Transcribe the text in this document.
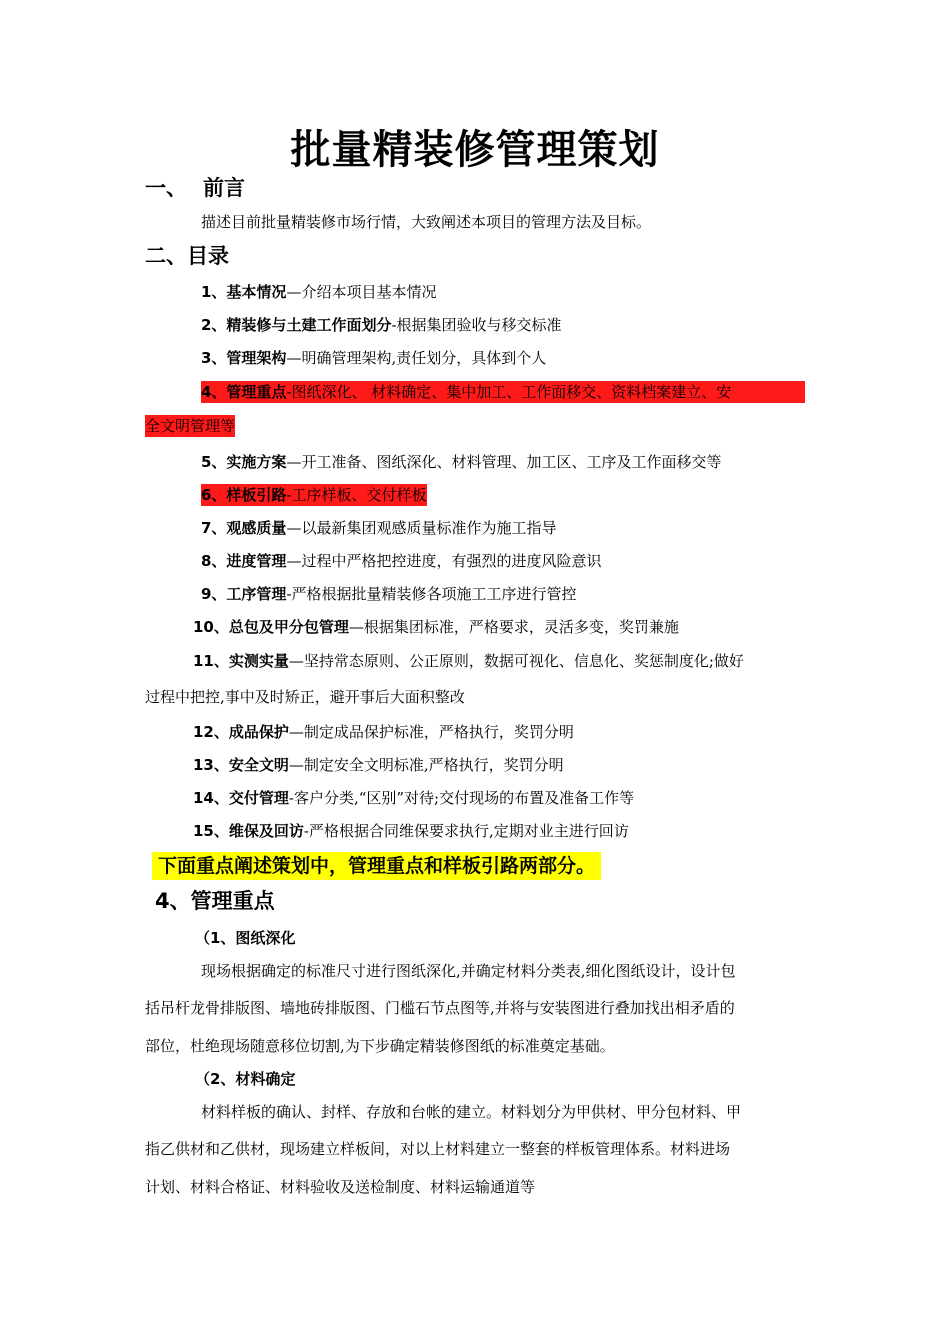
批量精装修管理策划
一、 前言
描述目前批量精装修市场行情，大致阐述本项目的管理方法及目标。
二、目录
1、基本情况—介绍本项目基本情况
2、精装修与土建工作面划分-根据集团验收与移交标准
3、管理架构—明确管理架构,责任划分，具体到个人
4、管理重点-图纸深化、 材料确定、集中加工、工作面移交、资料档案建立、安
全文明管理等
5、实施方案—开工准备、图纸深化、材料管理、加工区、工序及工作面移交等
6、样板引路-工序样板、交付样板
7、观感质量—以最新集团观感质量标准作为施工指导
8、进度管理—过程中严格把控进度，有强烈的进度风险意识
9、工序管理-严格根据批量精装修各项施工工序进行管控
10、总包及甲分包管理—根据集团标准，严格要求，灵活多变，奖罚兼施
11、实测实量—坚持常态原则、公正原则，数据可视化、信息化、奖惩制度化;做好
过程中把控,事中及时矫正，避开事后大面积整改
12、成品保护—制定成品保护标准，严格执行，奖罚分明
13、安全文明—制定安全文明标准,严格执行，奖罚分明
14、交付管理-客户分类,“区别”对待;交付现场的布置及准备工作等
15、维保及回访-严格根据合同维保要求执行,定期对业主进行回访
下面重点阐述策划中，管理重点和样板引路两部分。
4、管理重点
（1、图纸深化
现场根据确定的标准尺寸进行图纸深化,并确定材料分类表,细化图纸设计，设计包
括吊杆龙骨排版图、墙地砖排版图、门槛石节点图等,并将与安装图进行叠加找出相矛盾的
部位，杜绝现场随意移位切割,为下步确定精装修图纸的标准奠定基础。
（2、材料确定
材料样板的确认、封样、存放和台帐的建立。材料划分为甲供材、甲分包材料、甲
指乙供材和乙供材，现场建立样板间，对以上材料建立一整套的样板管理体系。材料进场
计划、材料合格证、材料验收及送检制度、材料运输通道等
